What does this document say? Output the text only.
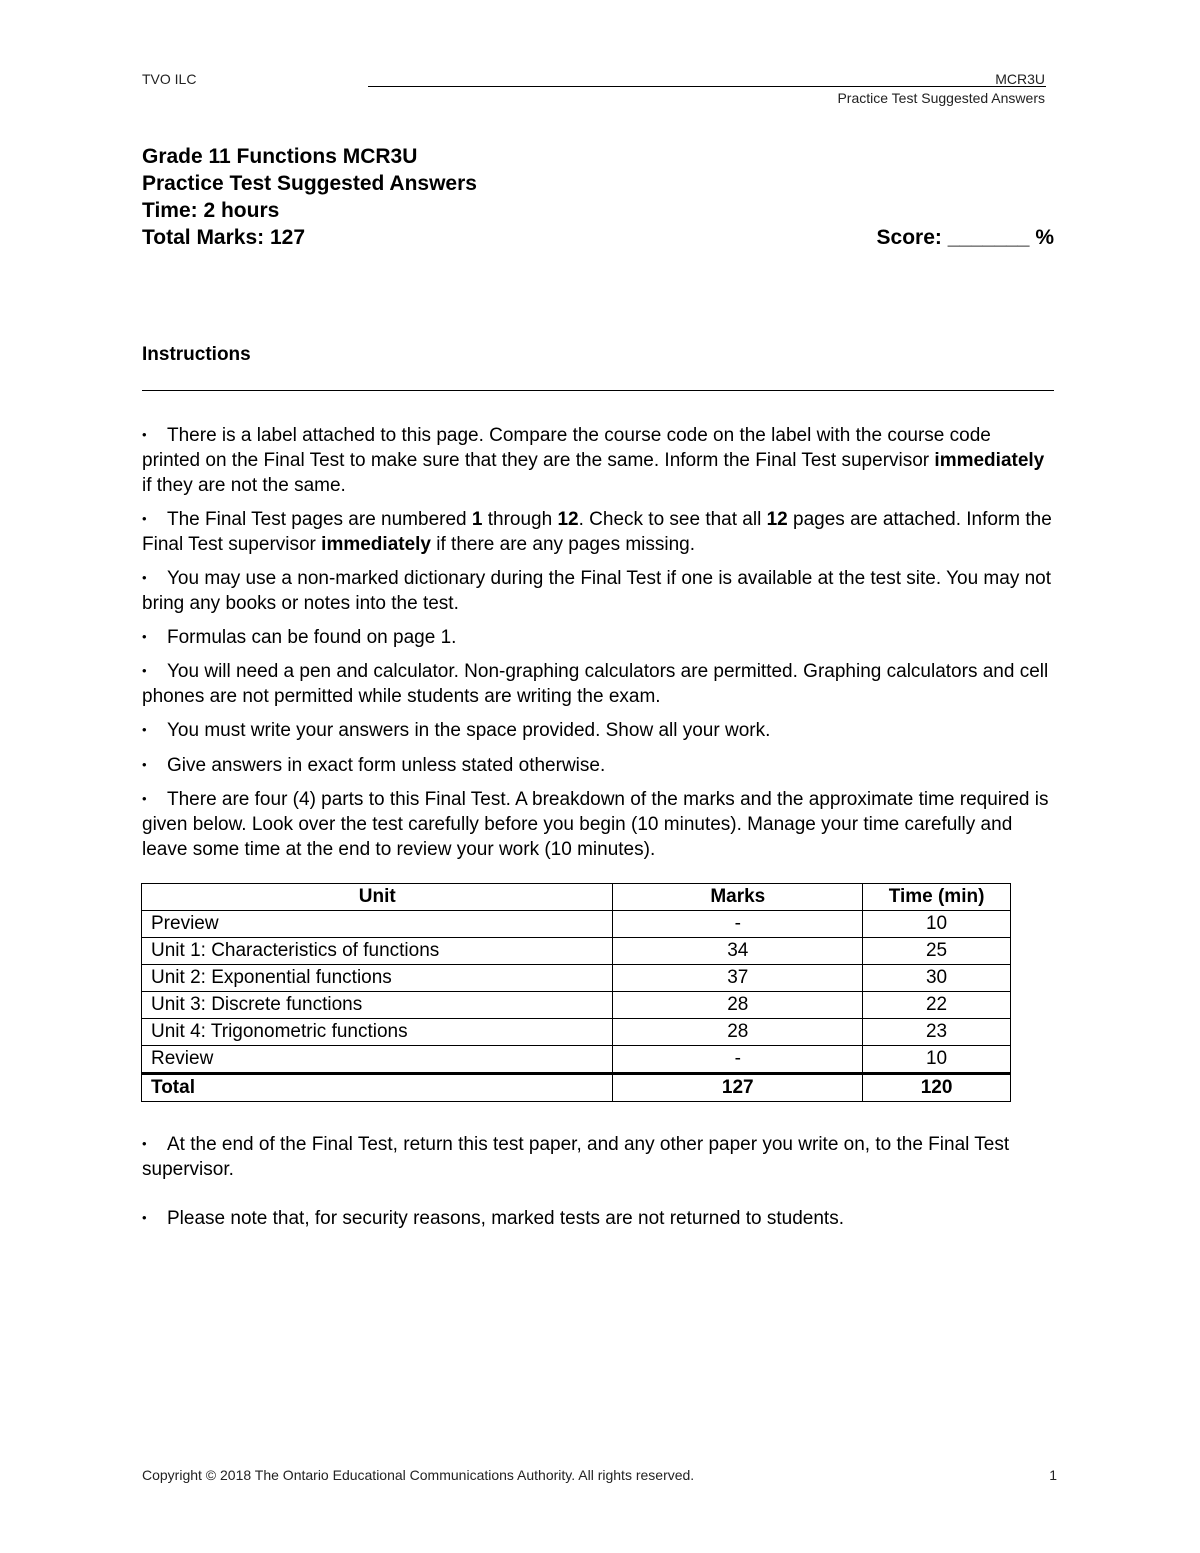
TVO ILC	MCR3U
Practice Test Suggested Answers
Grade 11 Functions MCR3U
Practice Test Suggested Answers
Time: 2 hours
Total Marks: 127	Score: _______ %
Instructions
• There is a label attached to this page. Compare the course code on the label with the course code printed on the Final Test to make sure that they are the same. Inform the Final Test supervisor immediately if they are not the same.
• The Final Test pages are numbered 1 through 12. Check to see that all 12 pages are attached. Inform the Final Test supervisor immediately if there are any pages missing.
• You may use a non-marked dictionary during the Final Test if one is available at the test site. You may not bring any books or notes into the test.
• Formulas can be found on page 1.
• You will need a pen and calculator. Non-graphing calculators are permitted. Graphing calculators and cell phones are not permitted while students are writing the exam.
• You must write your answers in the space provided. Show all your work.
• Give answers in exact form unless stated otherwise.
• There are four (4) parts to this Final Test. A breakdown of the marks and the approximate time required is given below. Look over the test carefully before you begin (10 minutes). Manage your time carefully and leave some time at the end to review your work (10 minutes).
Unit	Marks	Time (min)
Preview	-	10
Unit 1: Characteristics of functions	34	25
Unit 2: Exponential functions	37	30
Unit 3: Discrete functions	28	22
Unit 4: Trigonometric functions	28	23
Review	-	10
Total	127	120
• At the end of the Final Test, return this test paper, and any other paper you write on, to the Final Test supervisor.
• Please note that, for security reasons, marked tests are not returned to students.
Copyright © 2018 The Ontario Educational Communications Authority. All rights reserved.	1
